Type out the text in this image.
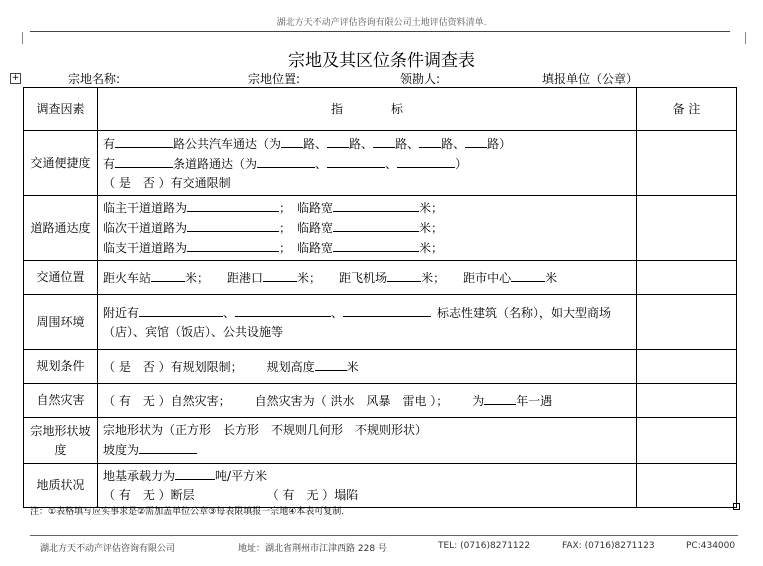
湖北方天不动产评估咨询有限公司土地评估资料清单.
宗地及其区位条件调查表
+	宗地名称:	宗地位置:	领勘人:	填报单位（公章）
调查因素	指　　　　标	备 注
交通便捷度	有 路公共汽车通达（为 路、 路、 路、 路、 路）
有 条道路通达（为 、 、 ）
（ 是　否 ）有交通限制	

道路通达度	临主干道道路为 ；　临路宽 米；
临次干道道路为 ；　临路宽 米；
临支干道道路为 ；　临路宽 米；	

交通位置	距火车站 米；   距港口 米；   距飞机场 米；   距市中心 米	
周围环境	附近有 、 、  标志性建筑（名称），如大型商场
（店）、宾馆（饭店）、公共设施等	

规划条件	（ 是　否 ）有规划限制；   规划高度 米	
自然灾害	（ 有　无 ）自然灾害；   自然灾害为（ 洪水　风暴　雷电 ）；   为 年一遇	
宗地形状坡度	宗地形状为（正方形　长方形　不规则几何形　不规则形状）
坡度为	

地质状况	地基承载力为 吨/平方米
（ 有　无 ）断层       （ 有　无 ）塌陷	

注：①表格填写应实事求是②需加盖单位公章③每表限填报一宗地④本表可复制.
湖北方天不动产评估咨询有限公司	地址：湖北省荆州市江津西路 228 号	TEL: (0716)8271122	FAX: (0716)8271123	PC:434000
